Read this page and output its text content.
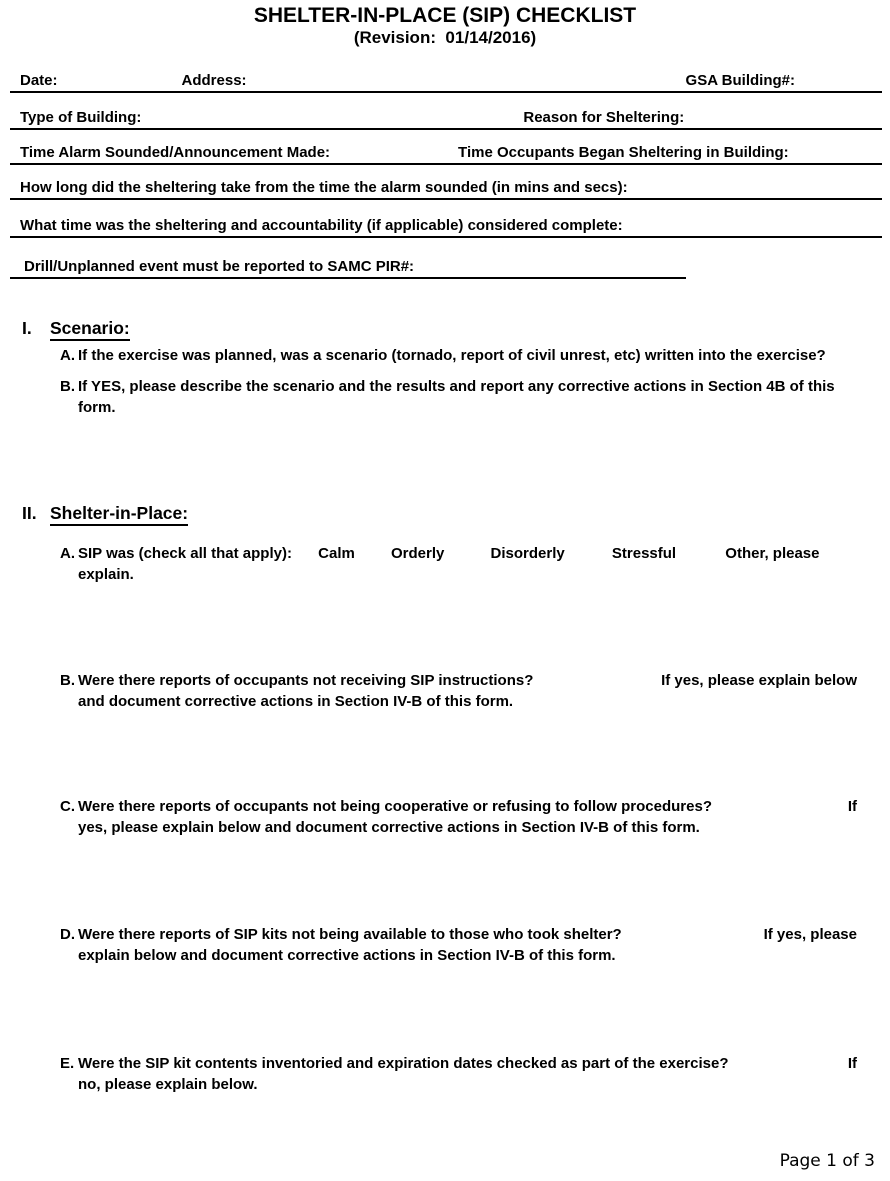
SHELTER-IN-PLACE (SIP) CHECKLIST
(Revision:  01/14/2016)
Date:	Address:	GSA Building#:
Type of Building:	Reason for Sheltering:
Time Alarm Sounded/Announcement Made:	Time Occupants Began Sheltering in Building:
How long did the sheltering take from the time the alarm sounded (in mins and secs):
What time was the sheltering and accountability (if applicable) considered complete:
Drill/Unplanned event must be reported to SAMC PIR#:
I. Scenario:
A. If the exercise was planned, was a scenario (tornado, report of civil unrest, etc) written into the exercise?
B. If YES, please describe the scenario and the results and report any corrective actions in Section 4B of this form.
II. Shelter-in-Place:
A. SIP was (check all that apply): Calm Orderly	Disorderly	Stressful	Other, please
explain.
B. Were there reports of occupants not receiving SIP instructions?	If yes, please explain below
and document corrective actions in Section IV-B of this form.
C. Were there reports of occupants not being cooperative or refusing to follow procedures?	If
yes, please explain below and document corrective actions in Section IV-B of this form.
D. Were there reports of SIP kits not being available to those who took shelter?	If yes, please
explain below and document corrective actions in Section IV-B of this form.
E. Were the SIP kit contents inventoried and expiration dates checked as part of the exercise?	If
no, please explain below.
Page 1 of 3
